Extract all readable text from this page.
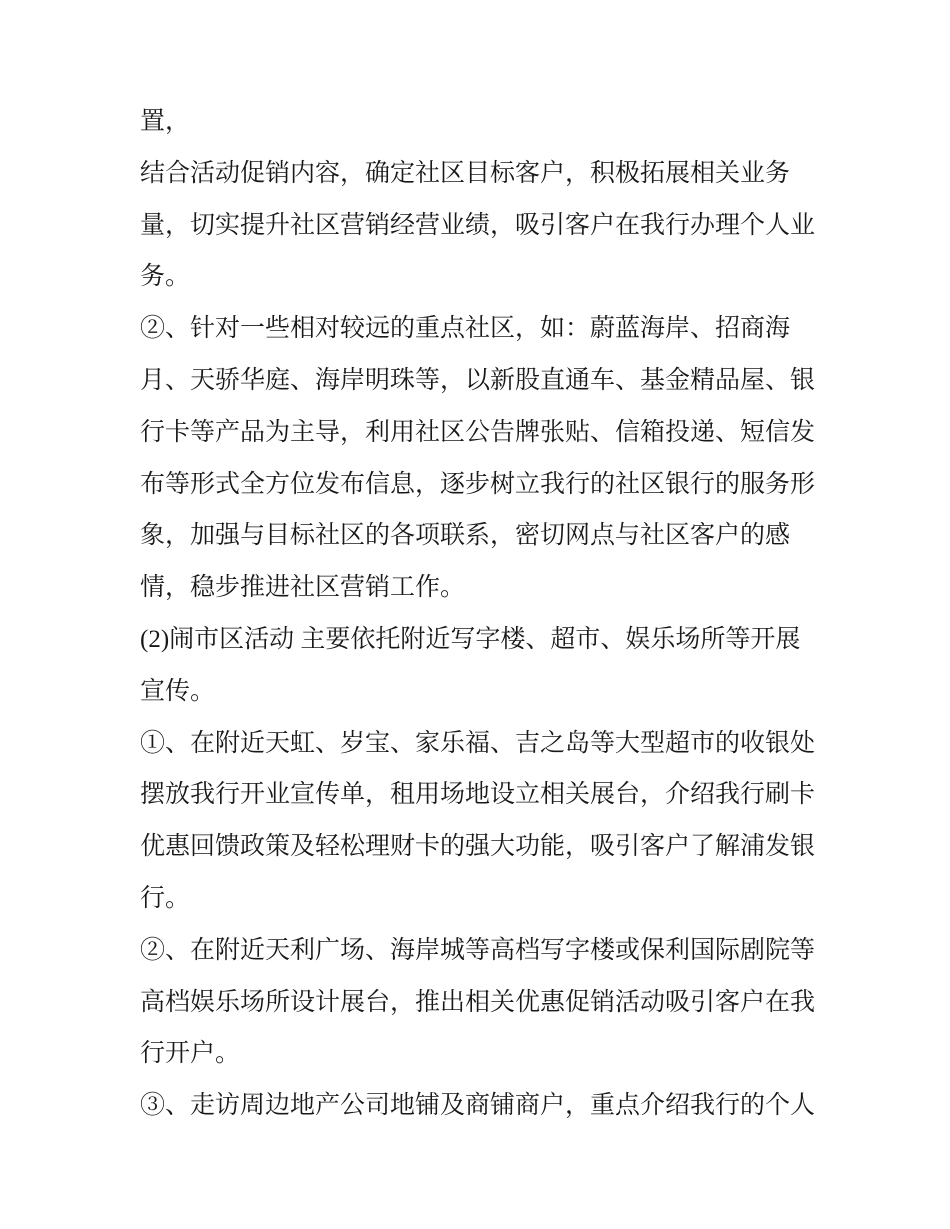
置，
结合活动促销内容，确定社区目标客户，积极拓展相关业务
量，切实提升社区营销经营业绩，吸引客户在我行办理个人业
务。
②、针对一些相对较远的重点社区，如：蔚蓝海岸、招商海
月、天骄华庭、海岸明珠等，以新股直通车、基金精品屋、银
行卡等产品为主导，利用社区公告牌张贴、信箱投递、短信发
布等形式全方位发布信息，逐步树立我行的社区银行的服务形
象，加强与目标社区的各项联系，密切网点与社区客户的感
情，稳步推进社区营销工作。
(2)闹市区活动 主要依托附近写字楼、超市、娱乐场所等开展
宣传。
①、在附近天虹、岁宝、家乐福、吉之岛等大型超市的收银处
摆放我行开业宣传单，租用场地设立相关展台，介绍我行刷卡
优惠回馈政策及轻松理财卡的强大功能，吸引客户了解浦发银
行。
②、在附近天利广场、海岸城等高档写字楼或保利国际剧院等
高档娱乐场所设计展台，推出相关优惠促销活动吸引客户在我
行开户。
③、走访周边地产公司地铺及商铺商户，重点介绍我行的个人
